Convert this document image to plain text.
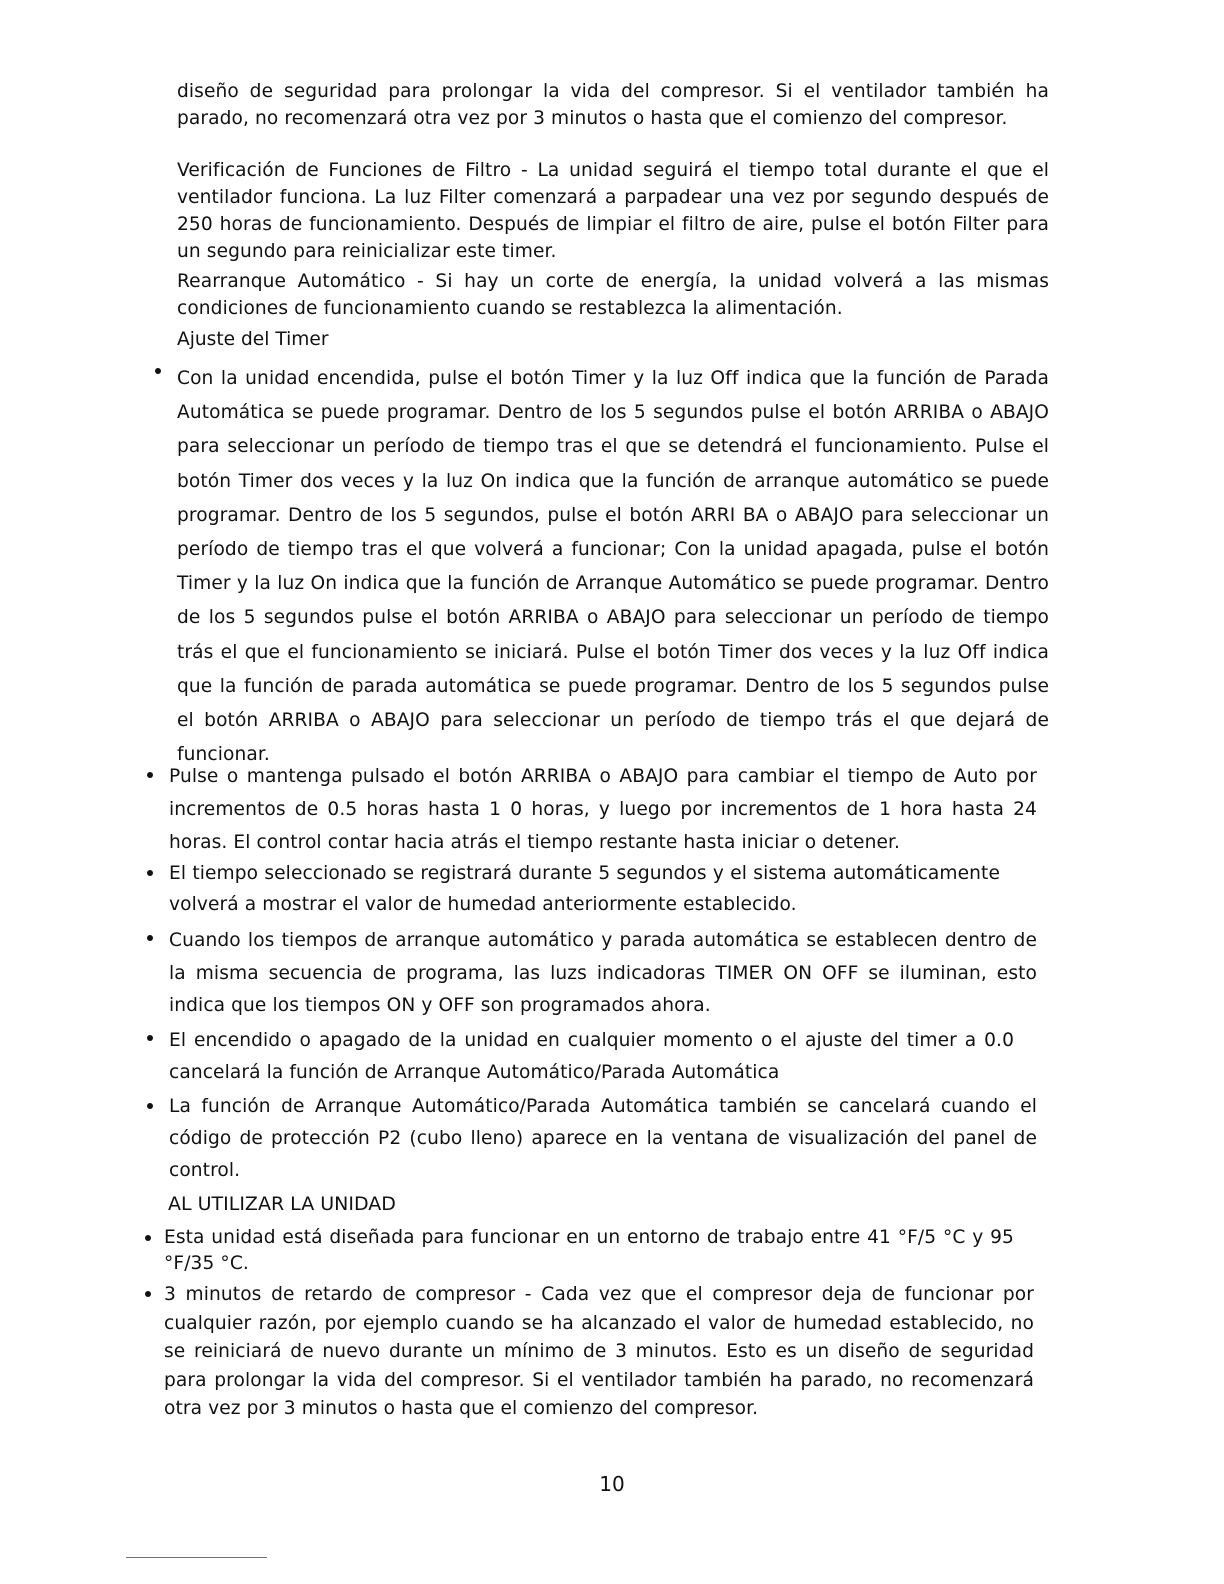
diseño de seguridad para prolongar la vida del compresor. Si el ventilador también ha parado, no recomenzará otra vez por 3 minutos o hasta que el comienzo del compresor.

Verificación de Funciones de Filtro - La unidad seguirá el tiempo total durante el que el ventilador funciona. La luz Filter comenzará a parpadear una vez por segundo después de 250 horas de funcionamiento. Después de limpiar el filtro de aire, pulse el botón Filter para un segundo para reinicializar este timer.

Rearranque Automático - Si hay un corte de energía, la unidad volverá a las mismas condiciones de funcionamiento cuando se restablezca la alimentación.

Ajuste del Timer

Con la unidad encendida, pulse el botón Timer y la luz Off indica que la función de Parada Automática se puede programar. Dentro de los 5 segundos pulse el botón ARRIBA o ABAJO para seleccionar un período de tiempo tras el que se detendrá el funcionamiento. Pulse el botón Timer dos veces y la luz On indica que la función de arranque automático se puede programar. Dentro de los 5 segundos, pulse el botón ARRI BA o ABAJO para seleccionar un período de tiempo tras el que volverá a funcionar; Con la unidad apagada, pulse el botón Timer y la luz On indica que la función de Arranque Automático se puede programar. Dentro de los 5 segundos pulse el botón ARRIBA o ABAJO para seleccionar un período de tiempo trás el que el funcionamiento se iniciará. Pulse el botón Timer dos veces y la luz Off indica que la función de parada automática se puede programar. Dentro de los 5 segundos pulse el botón ARRIBA o ABAJO para seleccionar un período de tiempo trás el que dejará de funcionar.

Pulse o mantenga pulsado el botón ARRIBA o ABAJO para cambiar el tiempo de Auto por incrementos de 0.5 horas hasta 1 0 horas, y luego por incrementos de 1 hora hasta 24 horas. El control contar hacia atrás el tiempo restante hasta iniciar o detener.

El tiempo seleccionado se registrará durante 5 segundos y el sistema automáticamente volverá a mostrar el valor de humedad anteriormente establecido.

Cuando los tiempos de arranque automático y parada automática se establecen dentro de la misma secuencia de programa, las luzs indicadoras TIMER ON OFF se iluminan, esto indica que los tiempos ON y OFF son programados ahora.

El encendido o apagado de la unidad en cualquier momento o el ajuste del timer a 0.0 cancelará la función de Arranque Automático/Parada Automática

La función de Arranque Automático/Parada Automática también se cancelará cuando el código de protección P2 (cubo lleno) aparece en la ventana de visualización del panel de control.

AL UTILIZAR LA UNIDAD

Esta unidad está diseñada para funcionar en un entorno de trabajo entre 41 °F/5 °C y 95 °F/35 °C.

3 minutos de retardo de compresor - Cada vez que el compresor deja de funcionar por cualquier razón, por ejemplo cuando se ha alcanzado el valor de humedad establecido, no se reiniciará de nuevo durante un mínimo de 3 minutos. Esto es un diseño de seguridad para prolongar la vida del compresor. Si el ventilador también ha parado, no recomenzará otra vez por 3 minutos o hasta que el comienzo del compresor.

10
